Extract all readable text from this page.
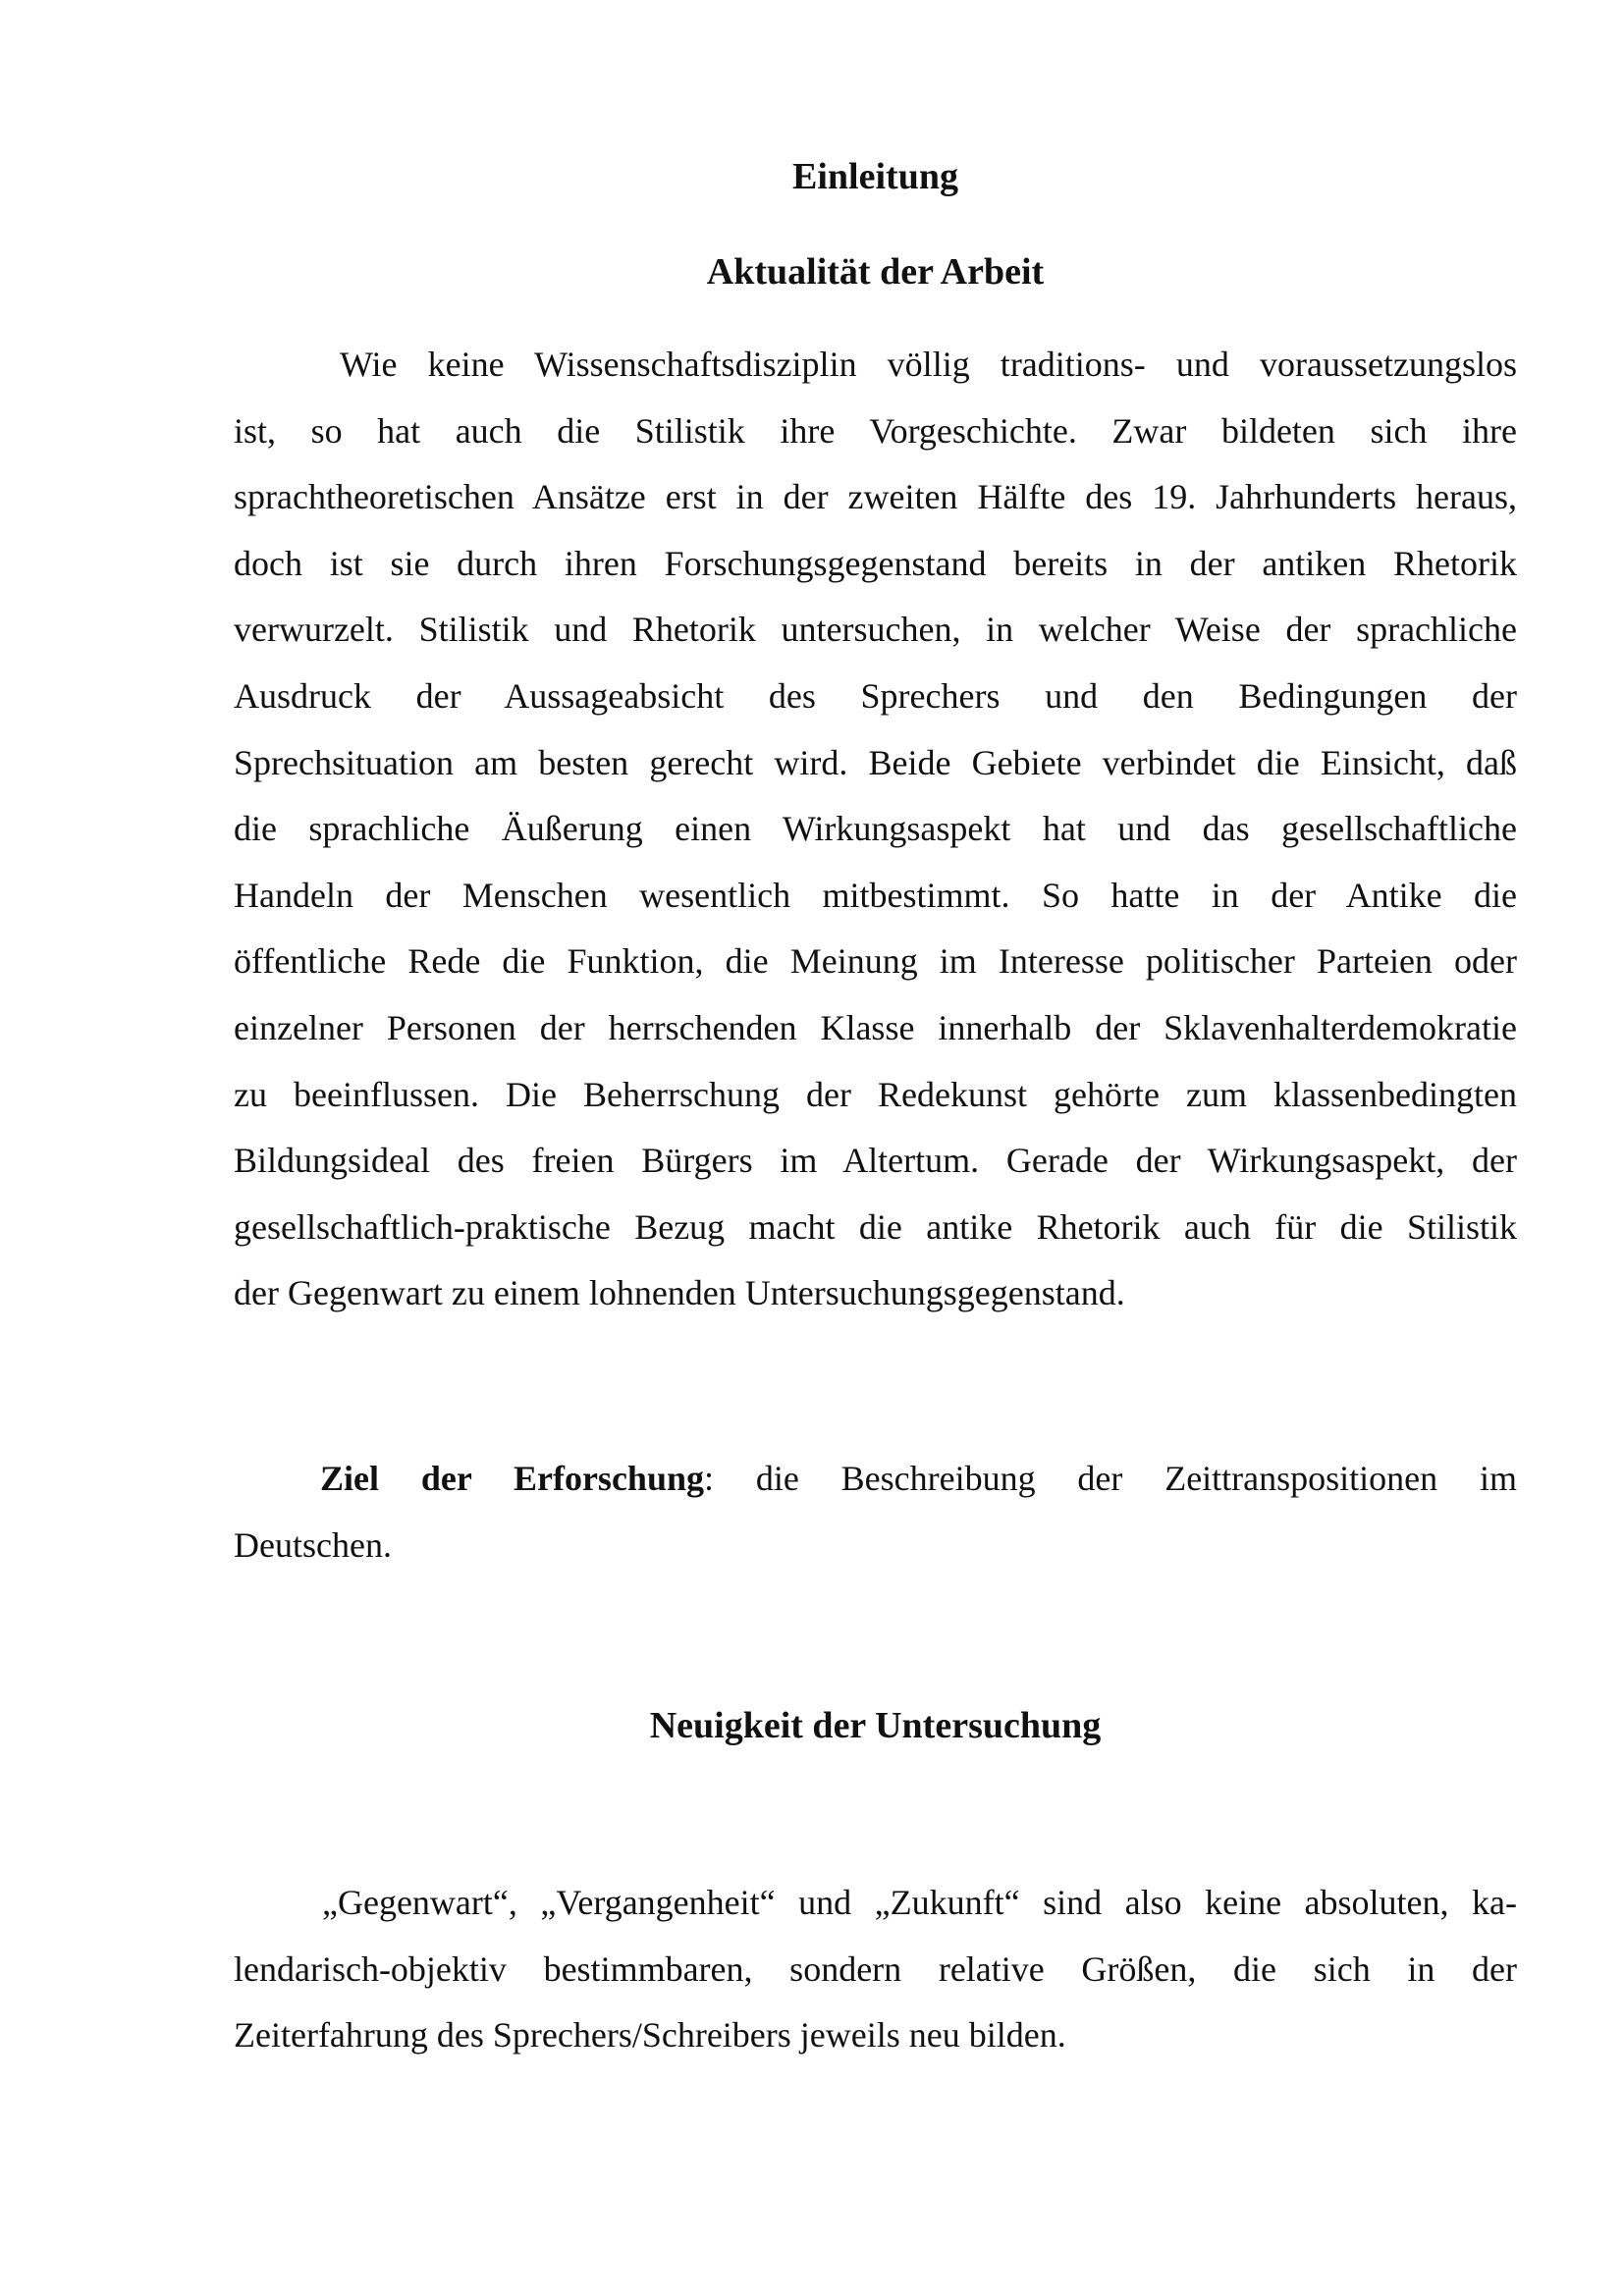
Einleitung
Aktualität der Arbeit
Wie keine Wissenschaftsdisziplin völlig traditions- und voraussetzungslos
ist, so hat auch die Stilistik ihre Vorgeschichte. Zwar bildeten sich ihre
sprachtheoretischen Ansätze erst in der zweiten Hälfte des 19. Jahrhunderts heraus,
doch ist sie durch ihren Forschungsgegenstand bereits in der antiken Rhetorik
verwurzelt. Stilistik und Rhetorik untersuchen, in welcher Weise der sprachliche
Ausdruck der Aussageabsicht des Sprechers und den Bedingungen der
Sprechsituation am besten gerecht wird. Beide Gebiete verbindet die Einsicht, daß
die sprachliche Äußerung einen Wirkungsaspekt hat und das gesellschaftliche
Handeln der Menschen wesentlich mitbestimmt. So hatte in der Antike die
öffentliche Rede die Funktion, die Meinung im Interesse politischer Parteien oder
einzelner Personen der herrschenden Klasse innerhalb der Sklavenhalterdemokratie
zu beeinflussen. Die Beherrschung der Redekunst gehörte zum klassenbedingten
Bildungsideal des freien Bürgers im Altertum. Gerade der Wirkungsaspekt, der
gesellschaftlich-praktische Bezug macht die antike Rhetorik auch für die Stilistik
der Gegenwart zu einem lohnenden Untersuchungsgegenstand.
Ziel der Erforschung: die Beschreibung der Zeittranspositionen im
Deutschen.
Neuigkeit der Untersuchung
„Gegenwart“, „Vergangenheit“ und „Zukunft“ sind also keine absoluten, ka-
lendarisch-objektiv bestimmbaren, sondern relative Größen, die sich in der
Zeiterfahrung des Sprechers/Schreibers jeweils neu bilden.
